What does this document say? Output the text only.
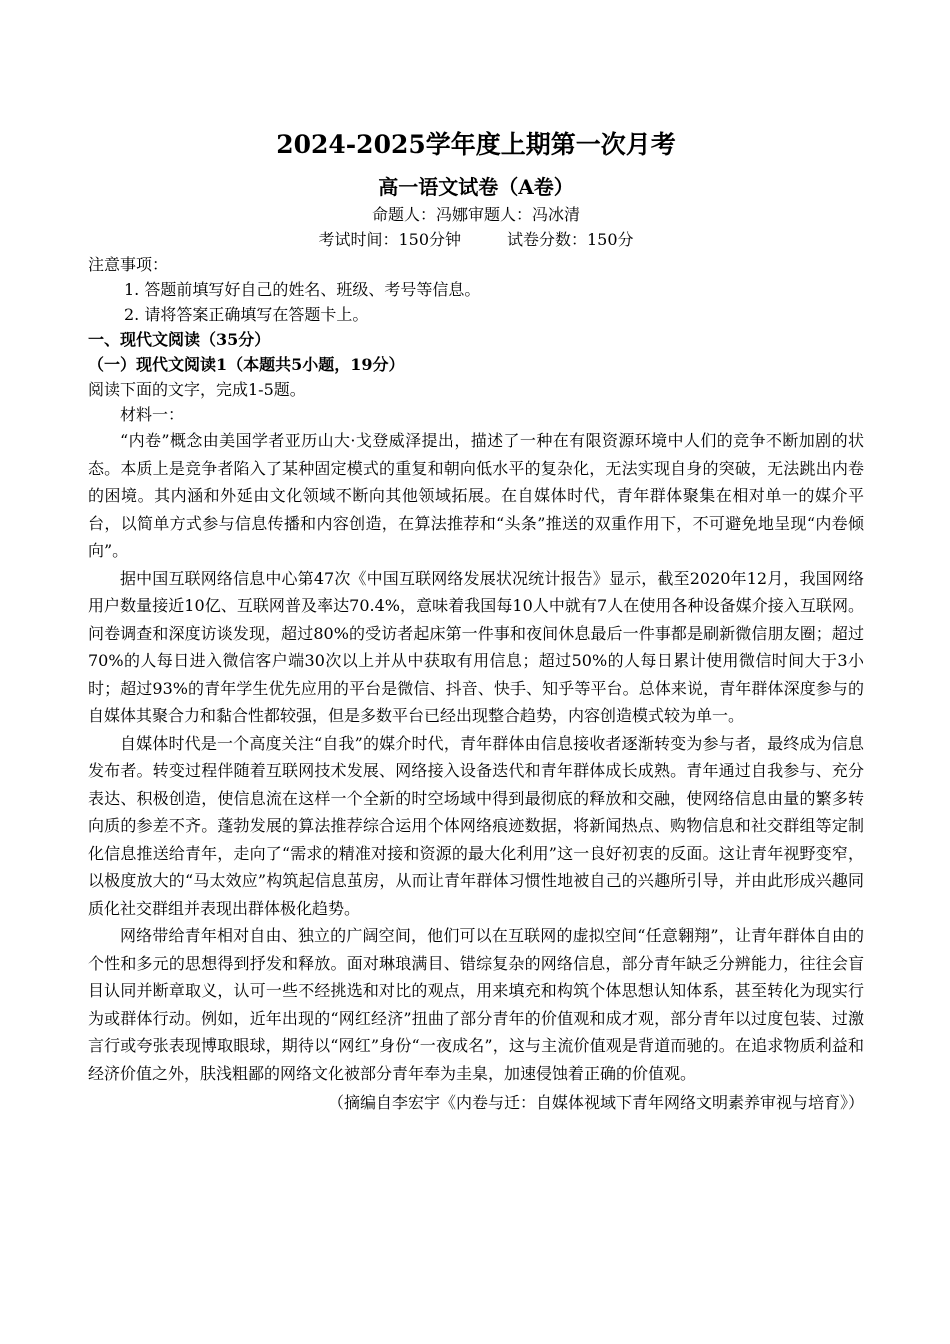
2024-2025学年度上期第一次月考
高一语文试卷（A卷）
命题人：冯娜审题人：冯冰清
考试时间：150分钟	试卷分数：150分
注意事项：
1. 答题前填写好自己的姓名、班级、考号等信息。
2. 请将答案正确填写在答题卡上。
一、现代文阅读（35分）
（一）现代文阅读1（本题共5小题，19分）
阅读下面的文字，完成1-5题。
材料一：

“内卷”概念由美国学者亚历山大·戈登威泽提出，描述了一种在有限资源环境中人们的竞争不断加剧的状态。本质上是竞争者陷入了某种固定模式的重复和朝向低水平的复杂化，无法实现自身的突破，无法跳出内卷的困境。其内涵和外延由文化领域不断向其他领域拓展。在自媒体时代，青年群体聚集在相对单一的媒介平台，以简单方式参与信息传播和内容创造，在算法推荐和“头条”推送的双重作用下，不可避免地呈现“内卷倾向”。

据中国互联网络信息中心第47次《中国互联网络发展状况统计报告》显示，截至2020年12月，我国网络用户数量接近10亿、互联网普及率达70.4%，意味着我国每10人中就有7人在使用各种设备媒介接入互联网。问卷调查和深度访谈发现，超过80%的受访者起床第一件事和夜间休息最后一件事都是刷新微信朋友圈；超过70%的人每日进入微信客户端30次以上并从中获取有用信息；超过50%的人每日累计使用微信时间大于3小时；超过93%的青年学生优先应用的平台是微信、抖音、快手、知乎等平台。总体来说，青年群体深度参与的自媒体其聚合力和黏合性都较强，但是多数平台已经出现整合趋势，内容创造模式较为单一。

自媒体时代是一个高度关注“自我”的媒介时代，青年群体由信息接收者逐渐转变为参与者，最终成为信息发布者。转变过程伴随着互联网技术发展、网络接入设备迭代和青年群体成长成熟。青年通过自我参与、充分表达、积极创造，使信息流在这样一个全新的时空场域中得到最彻底的释放和交融，使网络信息由量的繁多转向质的参差不齐。蓬勃发展的算法推荐综合运用个体网络痕迹数据，将新闻热点、购物信息和社交群组等定制化信息推送给青年，走向了“需求的精准对接和资源的最大化利用”这一良好初衷的反面。这让青年视野变窄，以极度放大的“马太效应”构筑起信息茧房，从而让青年群体习惯性地被自己的兴趣所引导，并由此形成兴趣同质化社交群组并表现出群体极化趋势。

网络带给青年相对自由、独立的广阔空间，他们可以在互联网的虚拟空间“任意翱翔”，让青年群体自由的个性和多元的思想得到抒发和释放。面对琳琅满目、错综复杂的网络信息，部分青年缺乏分辨能力，往往会盲目认同并断章取义，认可一些不经挑选和对比的观点，用来填充和构筑个体思想认知体系，甚至转化为现实行为或群体行动。例如，近年出现的“网红经济”扭曲了部分青年的价值观和成才观，部分青年以过度包装、过激言行或夸张表现博取眼球，期待以“网红”身份“一夜成名”，这与主流价值观是背道而驰的。在追求物质利益和经济价值之外，肤浅粗鄙的网络文化被部分青年奉为圭臬，加速侵蚀着正确的价值观。

（摘编自李宏宇《内卷与迁：自媒体视域下青年网络文明素养审视与培育》）
